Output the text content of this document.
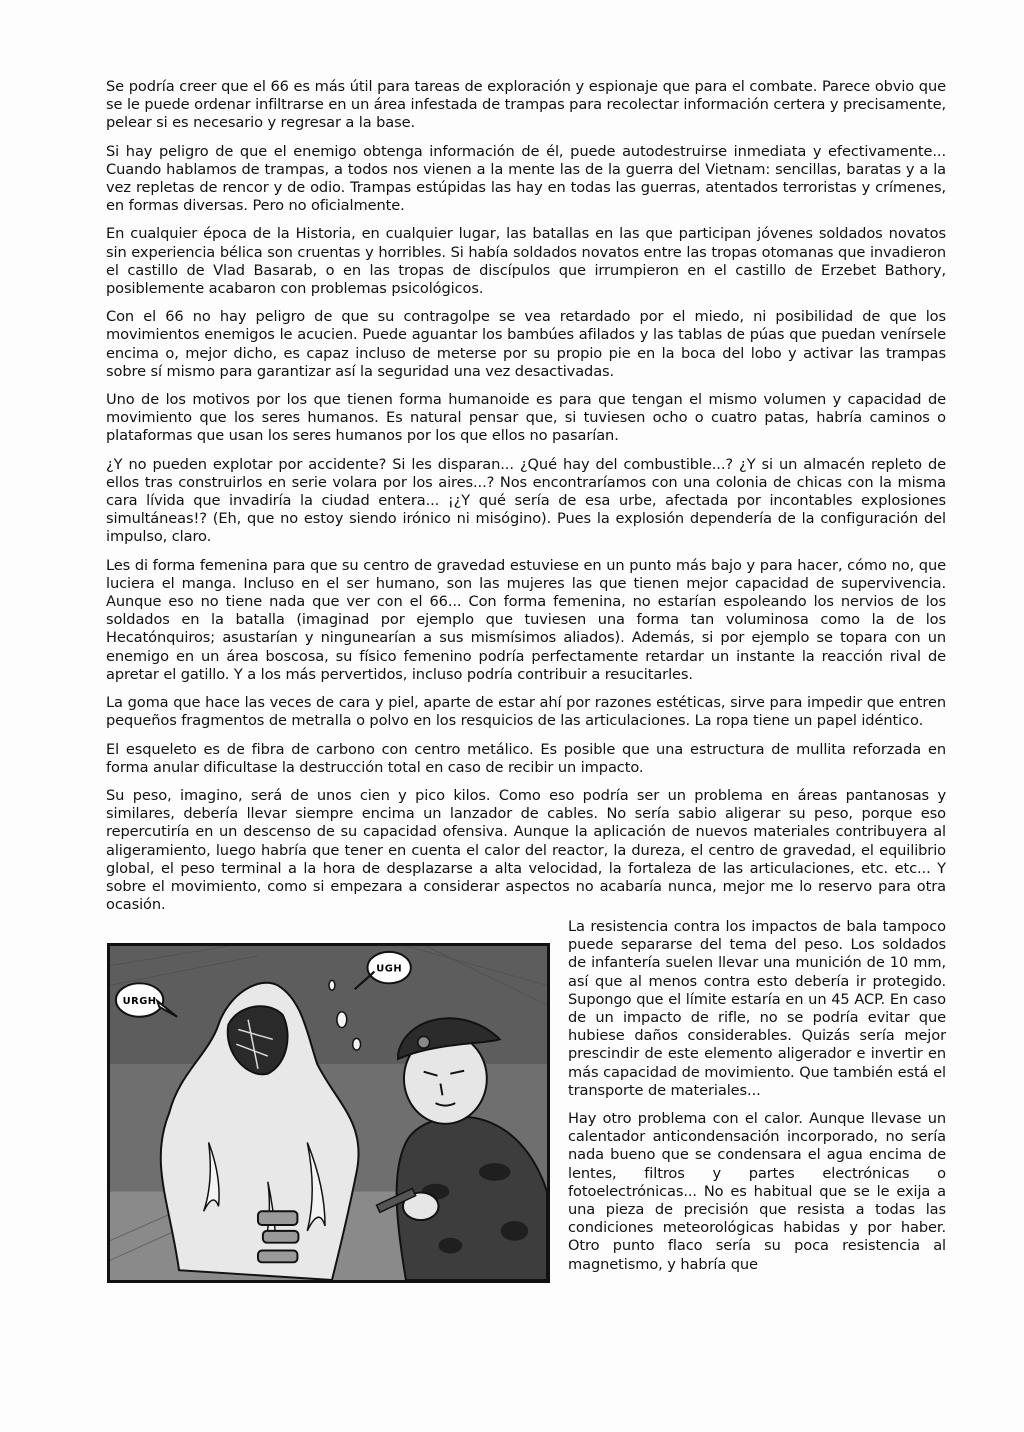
Se podría creer que el 66 es más útil para tareas de exploración y espionaje que para el combate. Parece obvio que se le puede ordenar infiltrarse en un área infestada de trampas para recolectar información certera y precisamente, pelear si es necesario y regresar a la base.

Si hay peligro de que el enemigo obtenga información de él, puede autodestruirse inmediata y efectivamente... Cuando hablamos de trampas, a todos nos vienen a la mente las de la guerra del Vietnam: sencillas, baratas y a la vez repletas de rencor y de odio. Trampas estúpidas las hay en todas las guerras, atentados terroristas y crímenes, en formas diversas. Pero no oficialmente.

En cualquier época de la Historia, en cualquier lugar, las batallas en las que participan jóvenes soldados novatos sin experiencia bélica son cruentas y horribles. Si había soldados novatos entre las tropas otomanas que invadieron el castillo de Vlad Basarab, o en las tropas de discípulos que irrumpieron en el castillo de Erzebet Bathory, posiblemente acabaron con problemas psicológicos.

Con el 66 no hay peligro de que su contragolpe se vea retardado por el miedo, ni posibilidad de que los movimientos enemigos le acucien. Puede aguantar los bambúes afilados y las tablas de púas que puedan venírsele encima o, mejor dicho, es capaz incluso de meterse por su propio pie en la boca del lobo y activar las trampas sobre sí mismo para garantizar así la seguridad una vez desactivadas.

Uno de los motivos por los que tienen forma humanoide es para que tengan el mismo volumen y capacidad de movimiento que los seres humanos. Es natural pensar que, si tuviesen ocho o cuatro patas, habría caminos o plataformas que usan los seres humanos por los que ellos no pasarían.

¿Y no pueden explotar por accidente? Si les disparan... ¿Qué hay del combustible...? ¿Y si un almacén repleto de ellos tras construirlos en serie volara por los aires...? Nos encontraríamos con una colonia de chicas con la misma cara lívida que invadiría la ciudad entera... ¡¿Y qué sería de esa urbe, afectada por incontables explosiones simultáneas!? (Eh, que no estoy siendo irónico ni misógino). Pues la explosión dependería de la configuración del impulso, claro.

Les di forma femenina para que su centro de gravedad estuviese en un punto más bajo y para hacer, cómo no, que luciera el manga. Incluso en el ser humano, son las mujeres las que tienen mejor capacidad de supervivencia. Aunque eso no tiene nada que ver con el 66... Con forma femenina, no estarían espoleando los nervios de los soldados en la batalla (imaginad por ejemplo que tuviesen una forma tan voluminosa como la de los Hecatónquiros; asustarían y ningunearían a sus mismísimos aliados). Además, si por ejemplo se topara con un enemigo en un área boscosa, su físico femenino podría perfectamente retardar un instante la reacción rival de apretar el gatillo. Y a los más pervertidos, incluso podría contribuir a resucitarles.

La goma que hace las veces de cara y piel, aparte de estar ahí por razones estéticas, sirve para impedir que entren pequeños fragmentos de metralla o polvo en los resquicios de las articulaciones. La ropa tiene un papel idéntico.

El esqueleto es de fibra de carbono con centro metálico. Es posible que una estructura de mullita reforzada en forma anular dificultase la destrucción total en caso de recibir un impacto.

Su peso, imagino, será de unos cien y pico kilos. Como eso podría ser un problema en áreas pantanosas y similares, debería llevar siempre encima un lanzador de cables. No sería sabio aligerar su peso, porque eso repercutiría en un descenso de su capacidad ofensiva. Aunque la aplicación de nuevos materiales contribuyera al aligeramiento, luego habría que tener en cuenta el calor del reactor, la dureza, el centro de gravedad, el equilibrio global, el peso terminal a la hora de desplazarse a alta velocidad, la fortaleza de las articulaciones, etc. etc... Y sobre el movimiento, como si empezara a considerar aspectos no acabaría nunca, mejor me lo reservo para otra ocasión.

URGH
UGH

La resistencia contra los impactos de bala tampoco puede separarse del tema del peso. Los soldados de infantería suelen llevar una munición de 10 mm, así que al menos contra esto debería ir protegido. Supongo que el límite estaría en un 45 ACP. En caso de un impacto de rifle, no se podría evitar que hubiese daños considerables. Quizás sería mejor prescindir de este elemento aligerador e invertir en más capacidad de movimiento. Que también está el transporte de materiales...

Hay otro problema con el calor. Aunque llevase un calentador anticondensación incorporado, no sería nada bueno que se condensara el agua encima de lentes, filtros y partes electrónicas o fotoelectrónicas... No es habitual que se le exija a una pieza de precisión que resista a todas las condiciones meteorológicas habidas y por haber. Otro punto flaco sería su poca resistencia al magnetismo, y habría que
